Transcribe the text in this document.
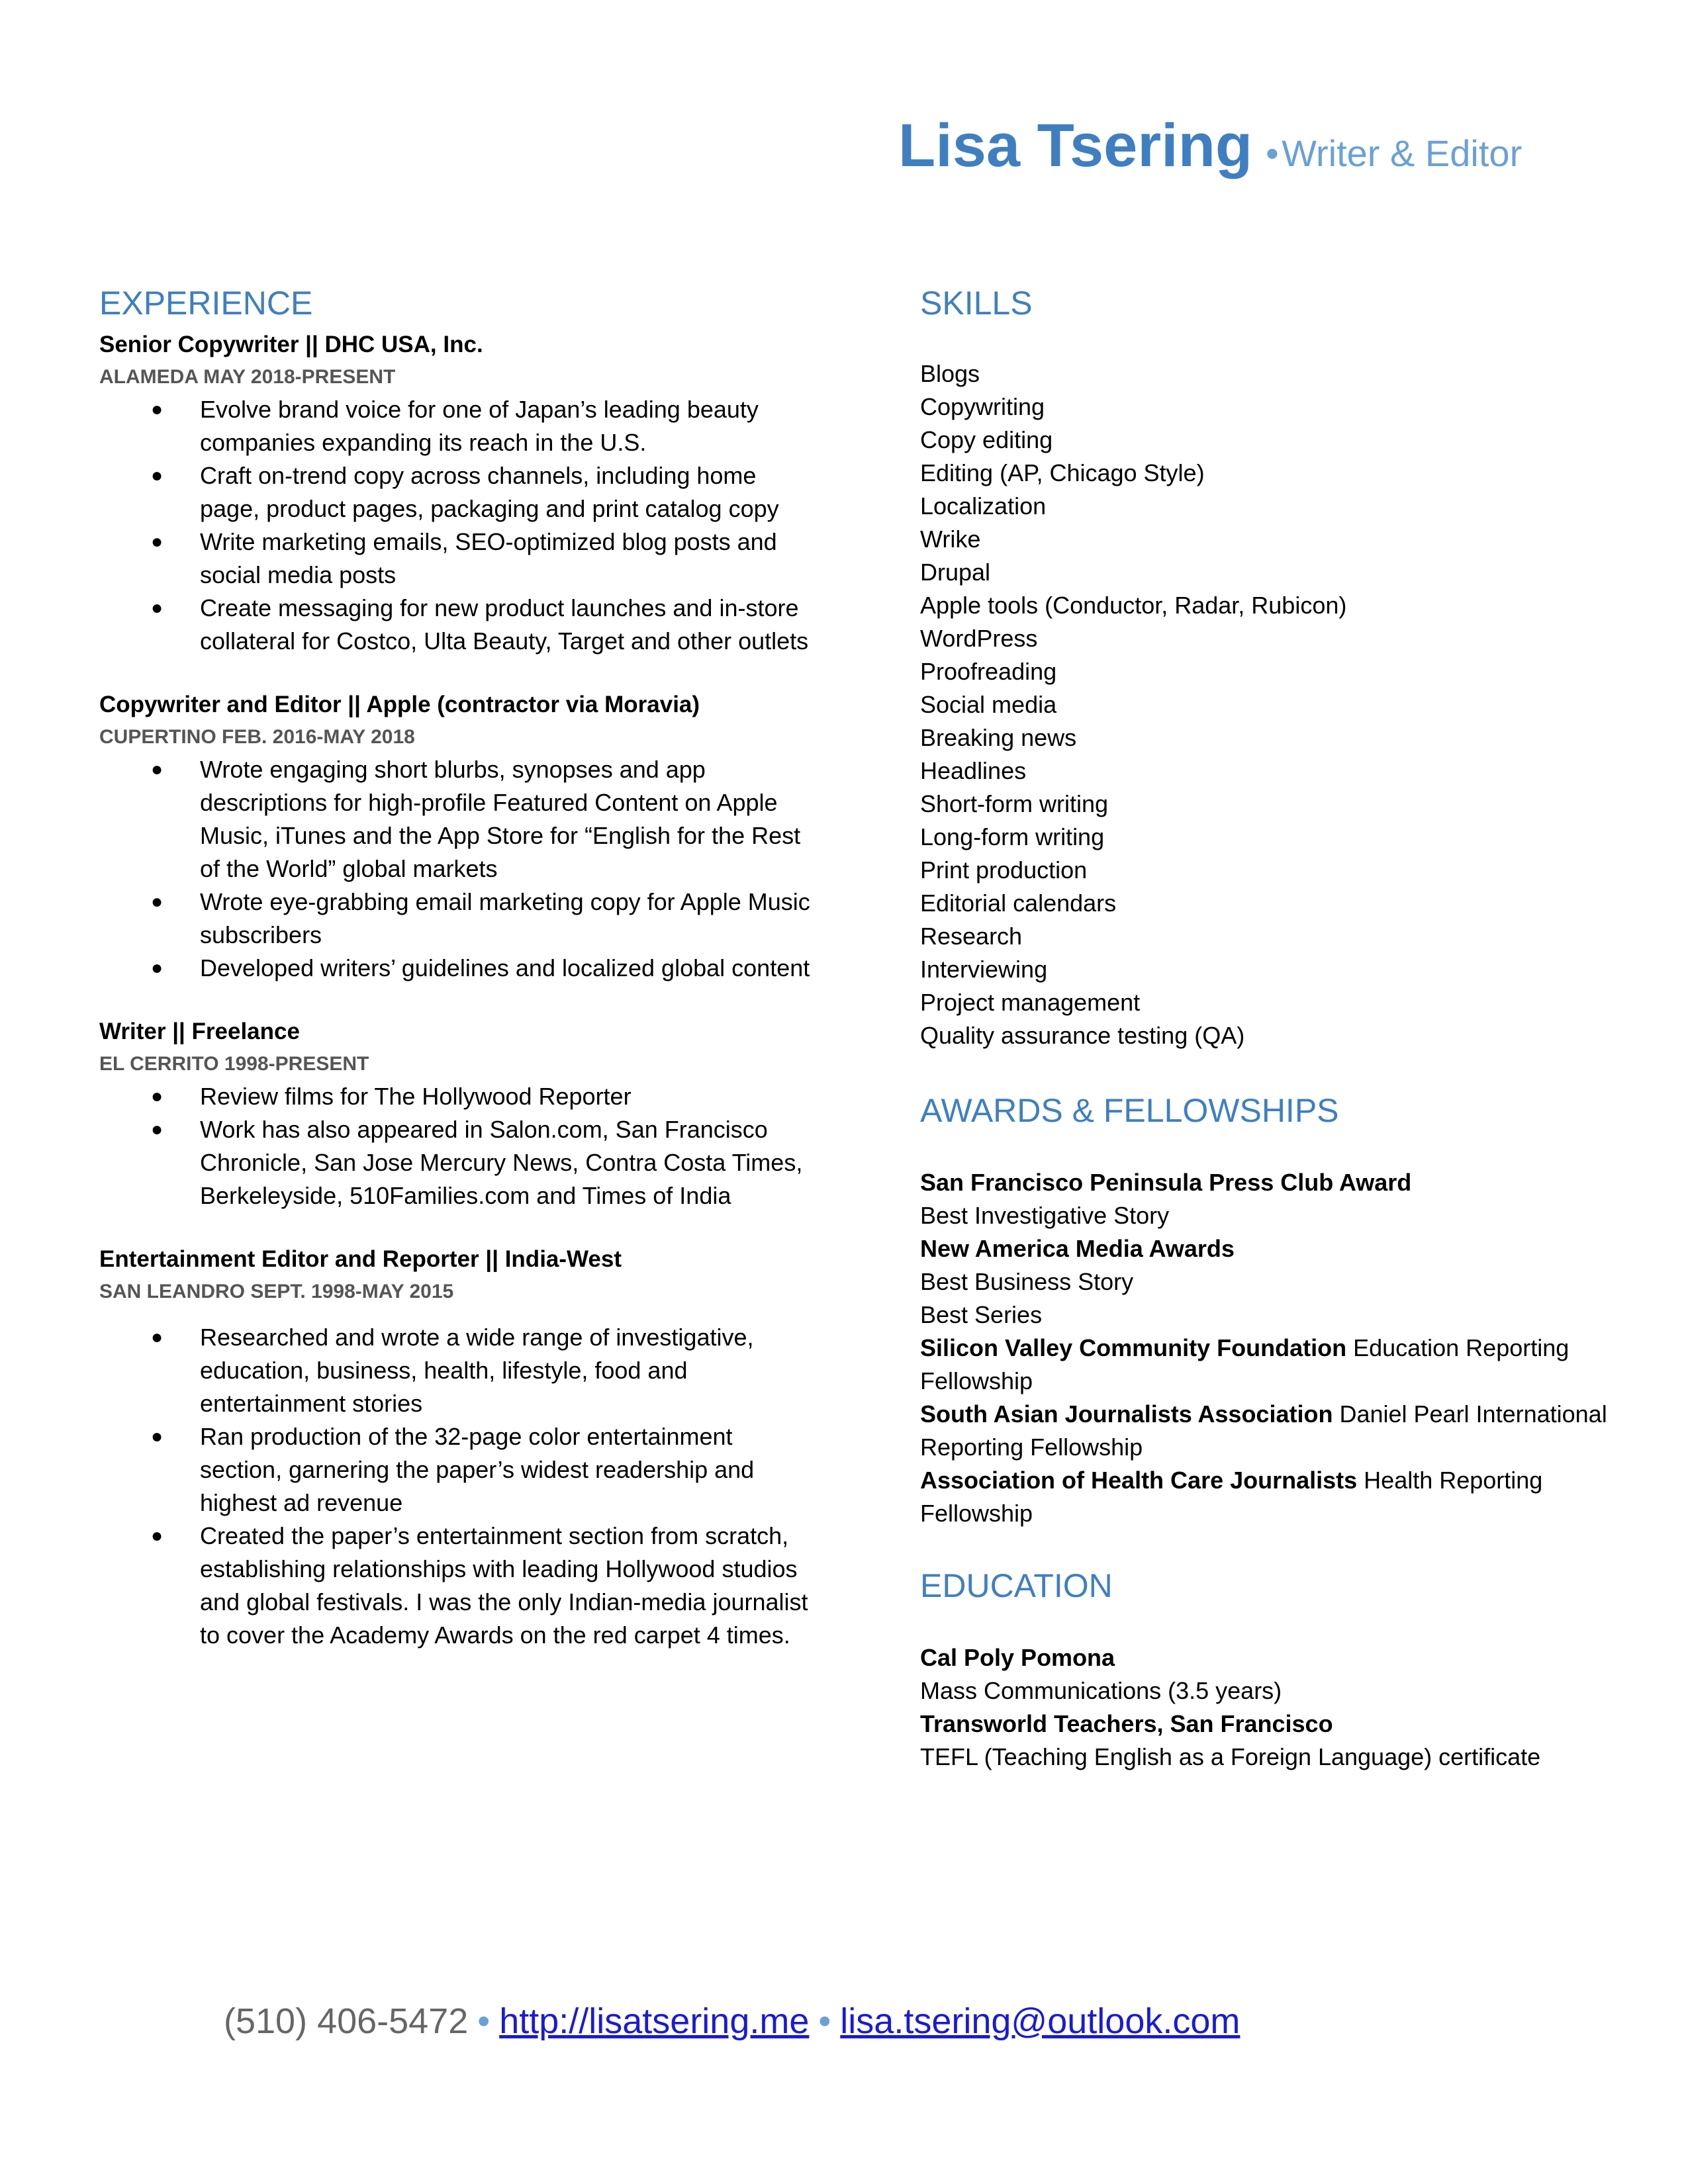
Lisa Tsering • Writer & Editor
EXPERIENCE
Senior Copywriter || DHC USA, Inc.
ALAMEDA MAY 2018-PRESENT
● Evolve brand voice for one of Japan’s leading beauty companies expanding its reach in the U.S.
● Craft on-trend copy across channels, including home page, product pages, packaging and print catalog copy
● Write marketing emails, SEO-optimized blog posts and social media posts
● Create messaging for new product launches and in-store collateral for Costco, Ulta Beauty, Target and other outlets
Copywriter and Editor || Apple (contractor via Moravia)
CUPERTINO FEB. 2016-MAY 2018
● Wrote engaging short blurbs, synopses and app descriptions for high-profile Featured Content on Apple Music, iTunes and the App Store for “English for the Rest of the World” global markets
● Wrote eye-grabbing email marketing copy for Apple Music subscribers
● Developed writers’ guidelines and localized global content
Writer || Freelance
EL CERRITO 1998-PRESENT
● Review films for The Hollywood Reporter
● Work has also appeared in Salon.com, San Francisco Chronicle, San Jose Mercury News, Contra Costa Times, Berkeleyside, 510Families.com and Times of India
Entertainment Editor and Reporter || India-West
SAN LEANDRO SEPT. 1998-MAY 2015
● Researched and wrote a wide range of investigative, education, business, health, lifestyle, food and entertainment stories
● Ran production of the 32-page color entertainment section, garnering the paper’s widest readership and highest ad revenue
● Created the paper’s entertainment section from scratch, establishing relationships with leading Hollywood studios and global festivals. I was the only Indian-media journalist to cover the Academy Awards on the red carpet 4 times.
SKILLS
Blogs
Copywriting
Copy editing
Editing (AP, Chicago Style)
Localization
Wrike
Drupal
Apple tools (Conductor, Radar, Rubicon)
WordPress
Proofreading
Social media
Breaking news
Headlines
Short-form writing
Long-form writing
Print production
Editorial calendars
Research
Interviewing
Project management
Quality assurance testing (QA)
AWARDS & FELLOWSHIPS
San Francisco Peninsula Press Club Award
Best Investigative Story
New America Media Awards
Best Business Story
Best Series
Silicon Valley Community Foundation Education Reporting Fellowship
South Asian Journalists Association Daniel Pearl International Reporting Fellowship
Association of Health Care Journalists Health Reporting Fellowship
EDUCATION
Cal Poly Pomona
Mass Communications (3.5 years)
Transworld Teachers, San Francisco
TEFL (Teaching English as a Foreign Language) certificate
(510) 406-5472 • http://lisatsering.me • lisa.tsering@outlook.com
